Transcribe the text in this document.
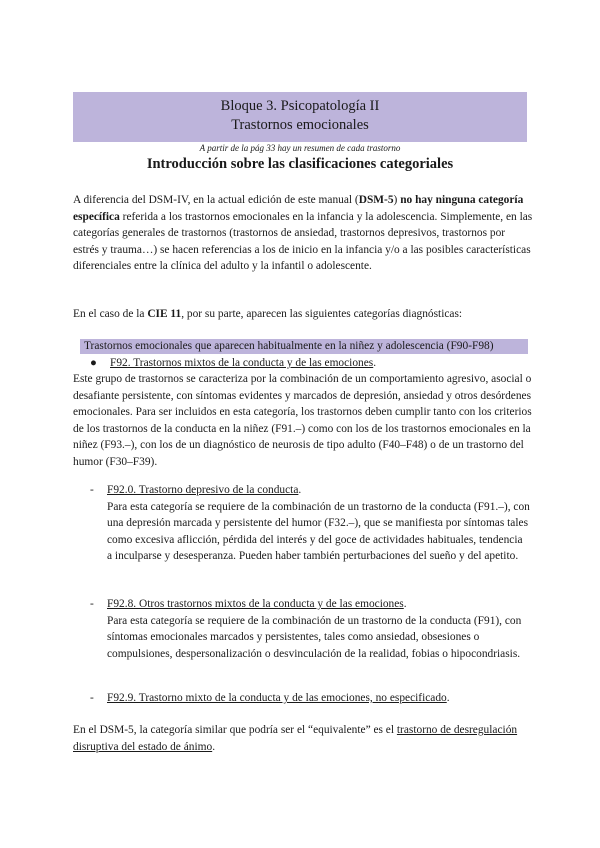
Bloque 3. Psicopatología II
Trastornos emocionales
A partir de la pág 33 hay un resumen de cada trastorno
Introducción sobre las clasificaciones categoriales
A diferencia del DSM-IV, en la actual edición de este manual (DSM-5) no hay ninguna categoría específica referida a los trastornos emocionales en la infancia y la adolescencia. Simplemente, en las categorías generales de trastornos (trastornos de ansiedad, trastornos depresivos, trastornos por estrés y trauma…) se hacen referencias a los de inicio en la infancia y/o a las posibles características diferenciales entre la clínica del adulto y la infantil o adolescente.
En el caso de la CIE 11, por su parte, aparecen las siguientes categorías diagnósticas:
Trastornos emocionales que aparecen habitualmente en la niñez y adolescencia (F90-F98)
● F92. Trastornos mixtos de la conducta y de las emociones.
Este grupo de trastornos se caracteriza por la combinación de un comportamiento agresivo, asocial o desafiante persistente, con síntomas evidentes y marcados de depresión, ansiedad y otros desórdenes emocionales. Para ser incluidos en esta categoría, los trastornos deben cumplir tanto con los criterios de los trastornos de la conducta en la niñez (F91.–) como con los de los trastornos emocionales en la niñez (F93.–), con los de un diagnóstico de neurosis de tipo adulto (F40–F48) o de un trastorno del humor (F30–F39).
-	F92.0. Trastorno depresivo de la conducta.
Para esta categoría se requiere de la combinación de un trastorno de la conducta (F91.–), con una depresión marcada y persistente del humor (F32.–), que se manifiesta por síntomas tales como excesiva aflicción, pérdida del interés y del goce de actividades habituales, tendencia a inculparse y desesperanza. Pueden haber también perturbaciones del sueño y del apetito.
-	F92.8. Otros trastornos mixtos de la conducta y de las emociones.
Para esta categoría se requiere de la combinación de un trastorno de la conducta (F91), con síntomas emocionales marcados y persistentes, tales como ansiedad, obsesiones o compulsiones, despersonalización o desvinculación de la realidad, fobias o hipocondriasis.
-	F92.9. Trastorno mixto de la conducta y de las emociones, no especificado.
En el DSM-5, la categoría similar que podría ser el “equivalente” es el trastorno de desregulación disruptiva del estado de ánimo.
